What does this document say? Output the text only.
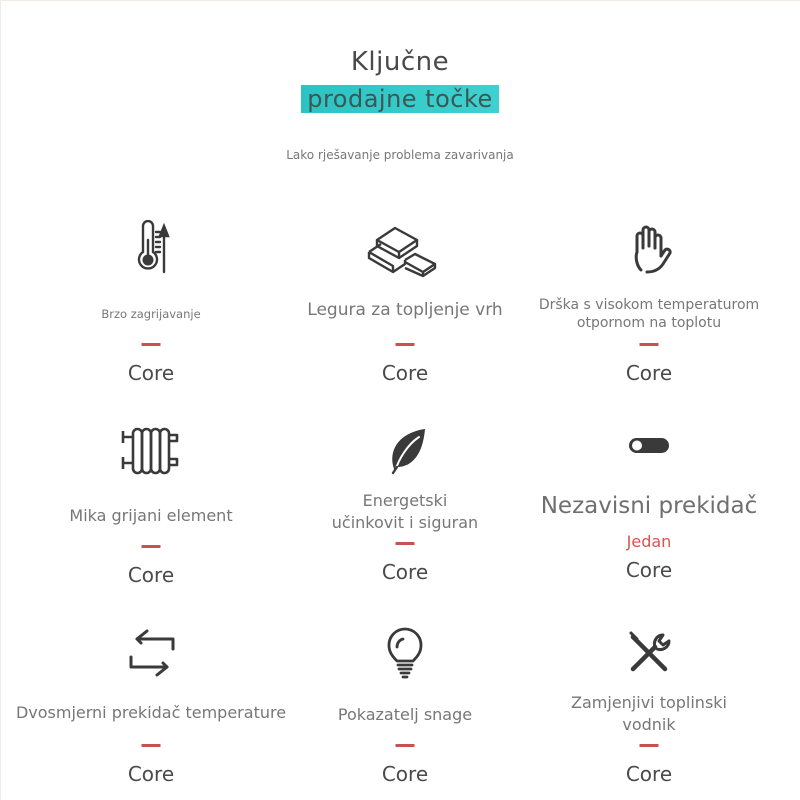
Ključne
prodajne točke
Lako rješavanje problema zavarivanja
Brzo zagrijavanje
Core
Legura za topljenje vrh
Core
Drška s visokom temperaturom
otpornom na toplotu
Core
Mika grijani element
Core
Energetski
učinkovit i siguran
Core
Nezavisni prekidač
Jedan
Core
Dvosmjerni prekidač temperature
Core
Pokazatelj snage
Core
Zamjenjivi toplinski
vodnik
Core
